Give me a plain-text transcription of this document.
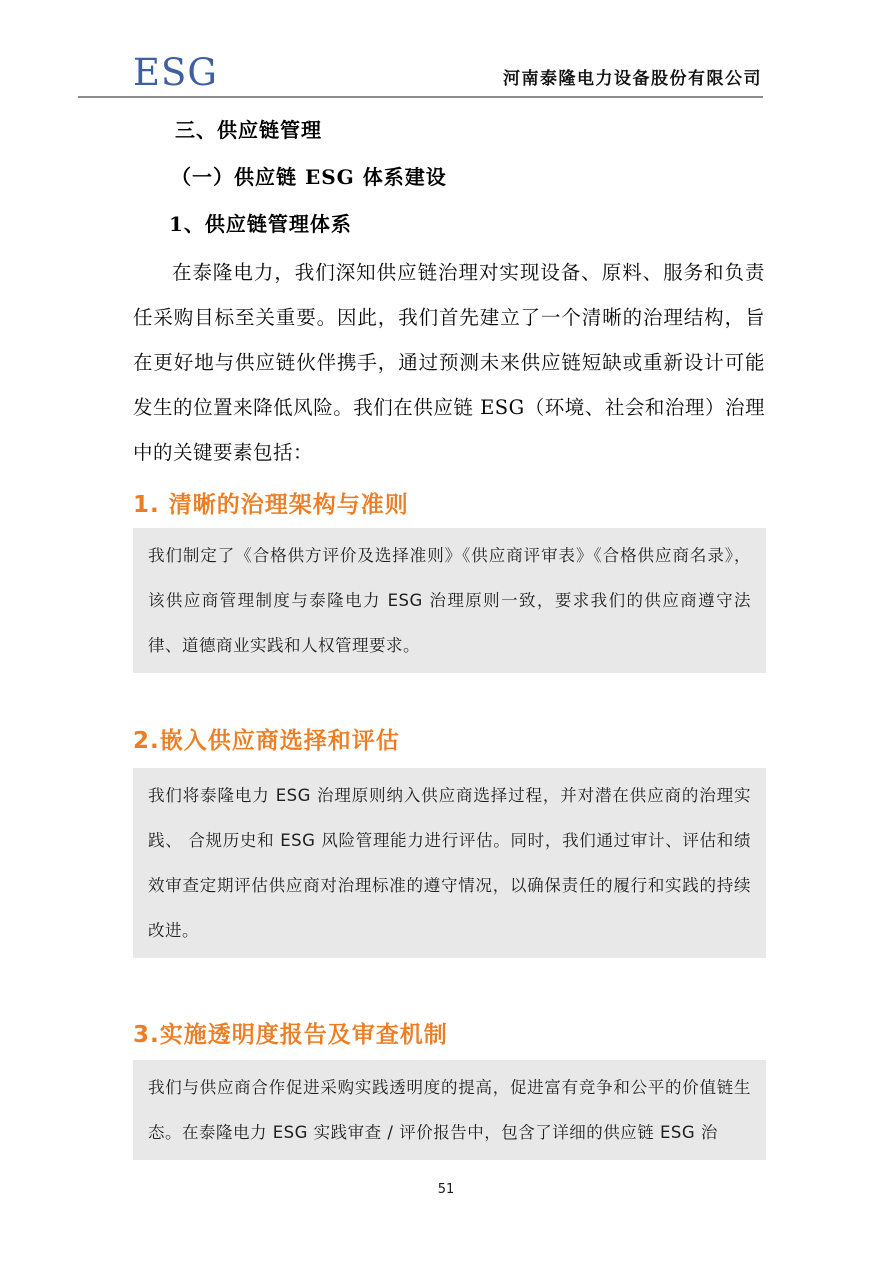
ESG	河南泰隆电力设备股份有限公司
三、供应链管理
（一）供应链 ESG 体系建设
1、供应链管理体系
在泰隆电力，我们深知供应链治理对实现设备、原料、服务和负责任采购目标至关重要。因此，我们首先建立了一个清晰的治理结构，旨在更好地与供应链伙伴携手，通过预测未来供应链短缺或重新设计可能发生的位置来降低风险。我们在供应链 ESG（环境、社会和治理）治理中的关键要素包括：
1. 清晰的治理架构与准则
我们制定了《合格供方评价及选择准则》《供应商评审表》《合格供应商名录》，该供应商管理制度与泰隆电力 ESG 治理原则一致，要求我们的供应商遵守法律、道德商业实践和人权管理要求。
2.嵌入供应商选择和评估
我们将泰隆电力 ESG 治理原则纳入供应商选择过程，并对潜在供应商的治理实践、 合规历史和 ESG 风险管理能力进行评估。同时，我们通过审计、评估和绩效审查定期评估供应商对治理标准的遵守情况，以确保责任的履行和实践的持续改进。
3.实施透明度报告及审查机制
我们与供应商合作促进采购实践透明度的提高，促进富有竞争和公平的价值链生态。在泰隆电力 ESG 实践审查 / 评价报告中，包含了详细的供应链 ESG 治
51
